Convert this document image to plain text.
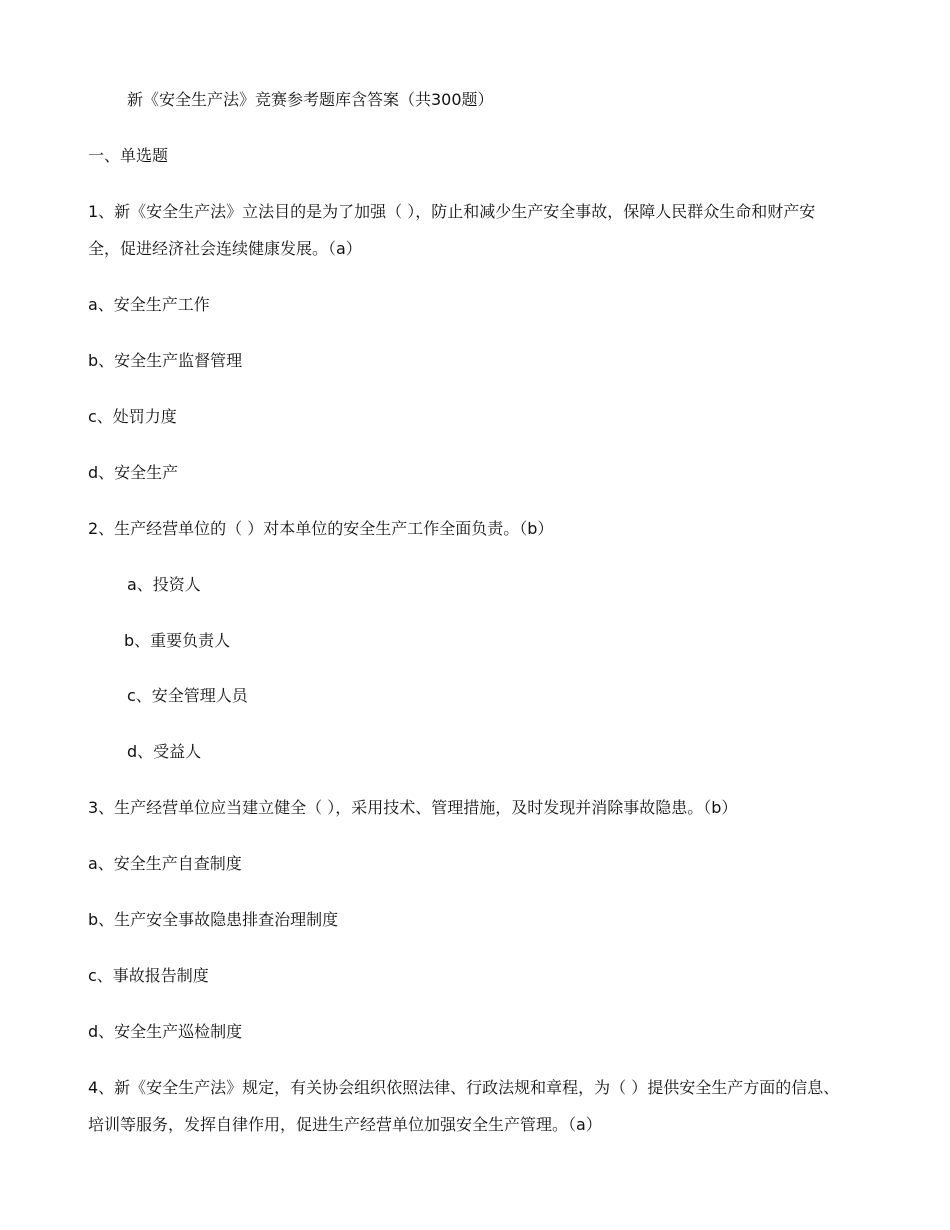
新《安全生产法》竞赛参考题库含答案（共300题）
一、单选题
1、新《安全生产法》立法目的是为了加强（ ），防止和减少生产安全事故，保障人民群众生命和财产安
全，促进经济社会连续健康发展。（a）
a、安全生产工作
b、安全生产监督管理
c、处罚力度
d、安全生产
2、生产经营单位的（ ）对本单位的安全生产工作全面负责。（b）
a、投资人
b、重要负责人
c、安全管理人员
d、受益人
3、生产经营单位应当建立健全（ ），采用技术、管理措施，及时发现并消除事故隐患。（b）
a、安全生产自查制度
b、生产安全事故隐患排查治理制度
c、事故报告制度
d、安全生产巡检制度
4、新《安全生产法》规定，有关协会组织依照法律、行政法规和章程，为（ ）提供安全生产方面的信息、
培训等服务，发挥自律作用，促进生产经营单位加强安全生产管理。（a）
